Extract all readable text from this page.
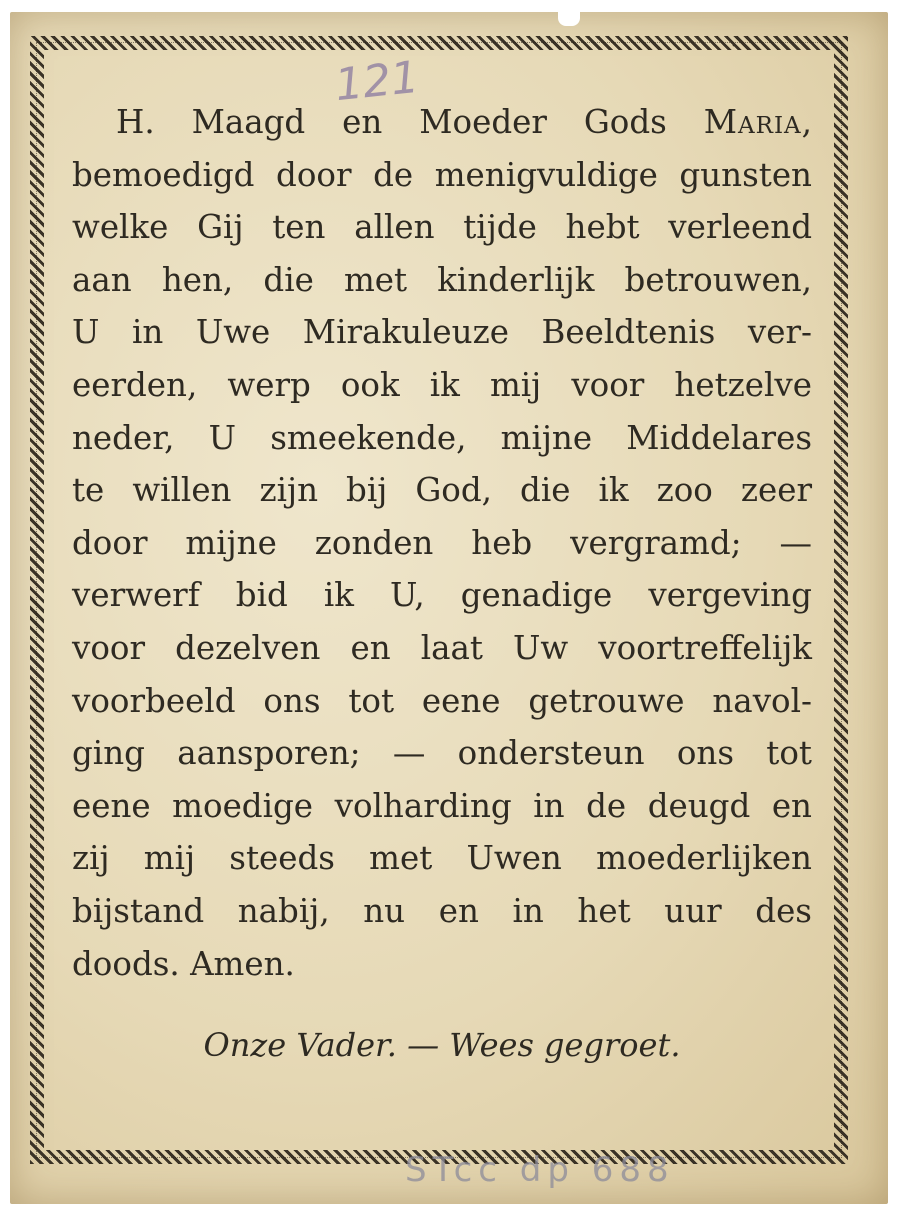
121
H. Maagd en Moeder Gods Maria,
bemoedigd door de menigvuldige gunsten
welke Gij ten allen tijde hebt verleend
aan hen, die met kinderlijk betrouwen,
U in Uwe Mirakuleuze Beeldtenis ver-
eerden, werp ook ik mij voor hetzelve
neder, U smeekende, mijne Middelares
te willen zijn bij God, die ik zoo zeer
door mijne zonden heb vergramd; —
verwerf bid ik U, genadige vergeving
voor dezelven en laat Uw voortreffelijk
voorbeeld ons tot eene getrouwe navol-
ging aansporen; — ondersteun ons tot
eene moedige volharding in de deugd en
zij mij steeds met Uwen moederlijken
bijstand nabij, nu en in het uur des
doods. Amen.
Onze Vader. — Wees gegroet.
STcc dp 688
